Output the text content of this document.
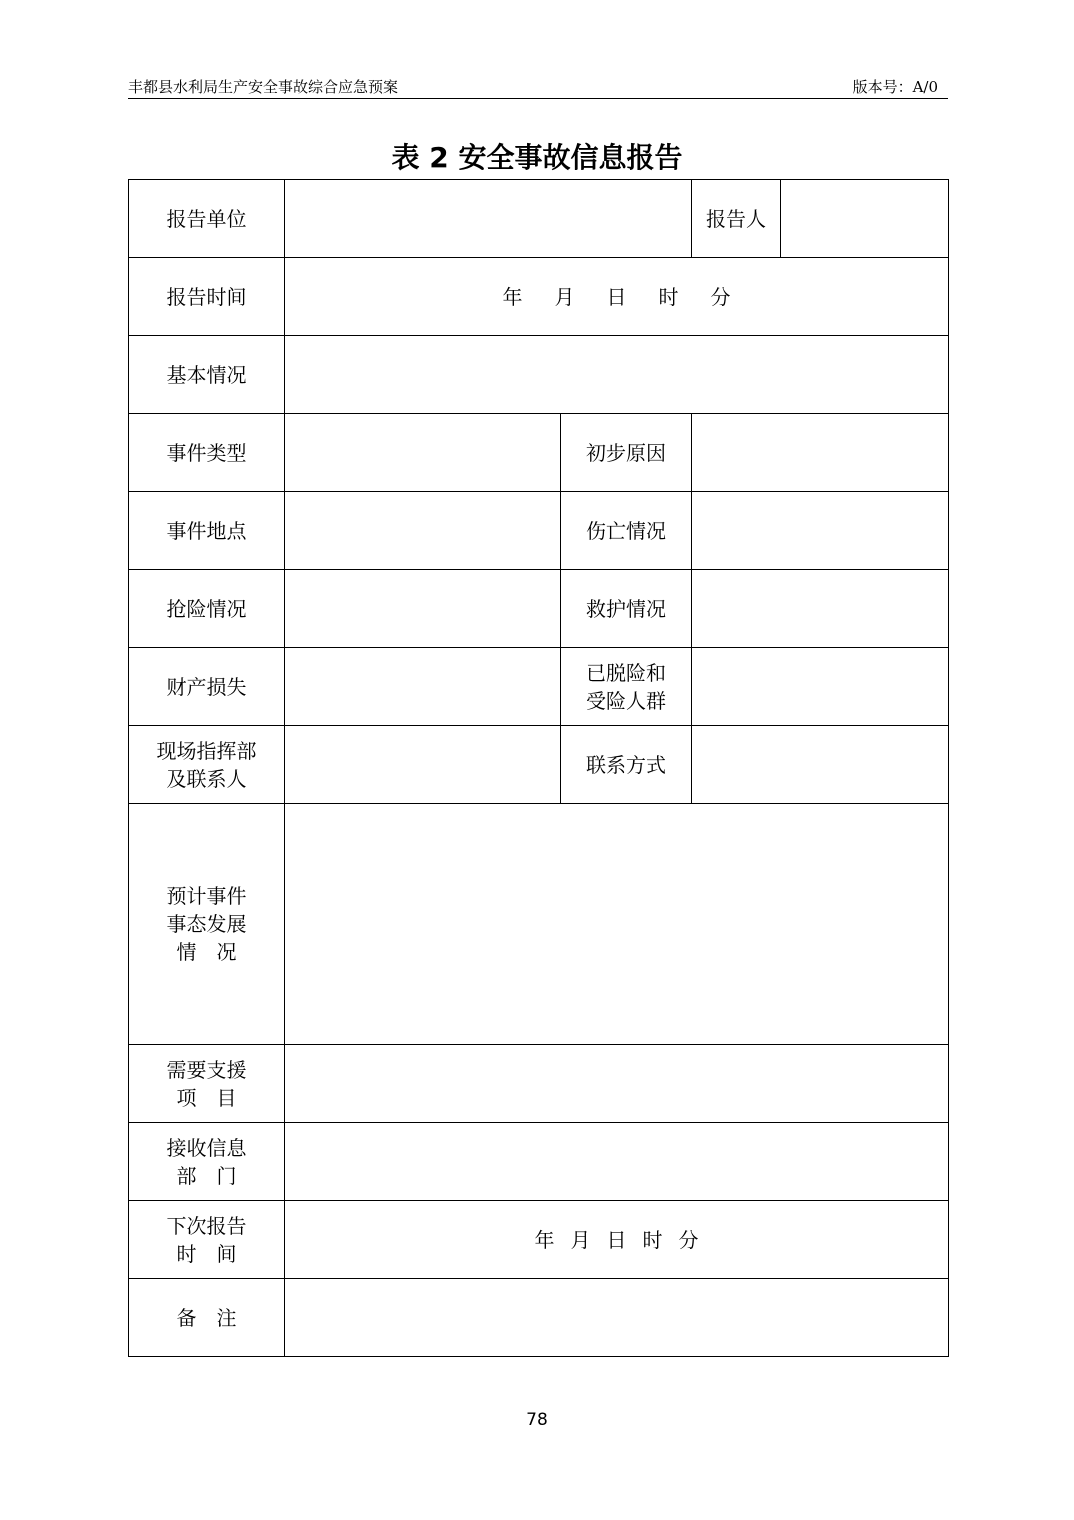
丰都县水利局生产安全事故综合应急预案	版本号：A/0
表 2 安全事故信息报告
报告单位			报告人	
报告时间	年 月 日 时 分			

基本情况				
事件类型		初步原因		
事件地点		伤亡情况		
抢险情况		救护情况		
财产损失		已脱险和
受险人群		

现场指挥部
及联系人		联系方式		

预计事件
事态发展
情　况				

需要支援
项　目				

接收信息
部　门				

下次报告
时　间	年 月 日 时 分			

备　注				
78
